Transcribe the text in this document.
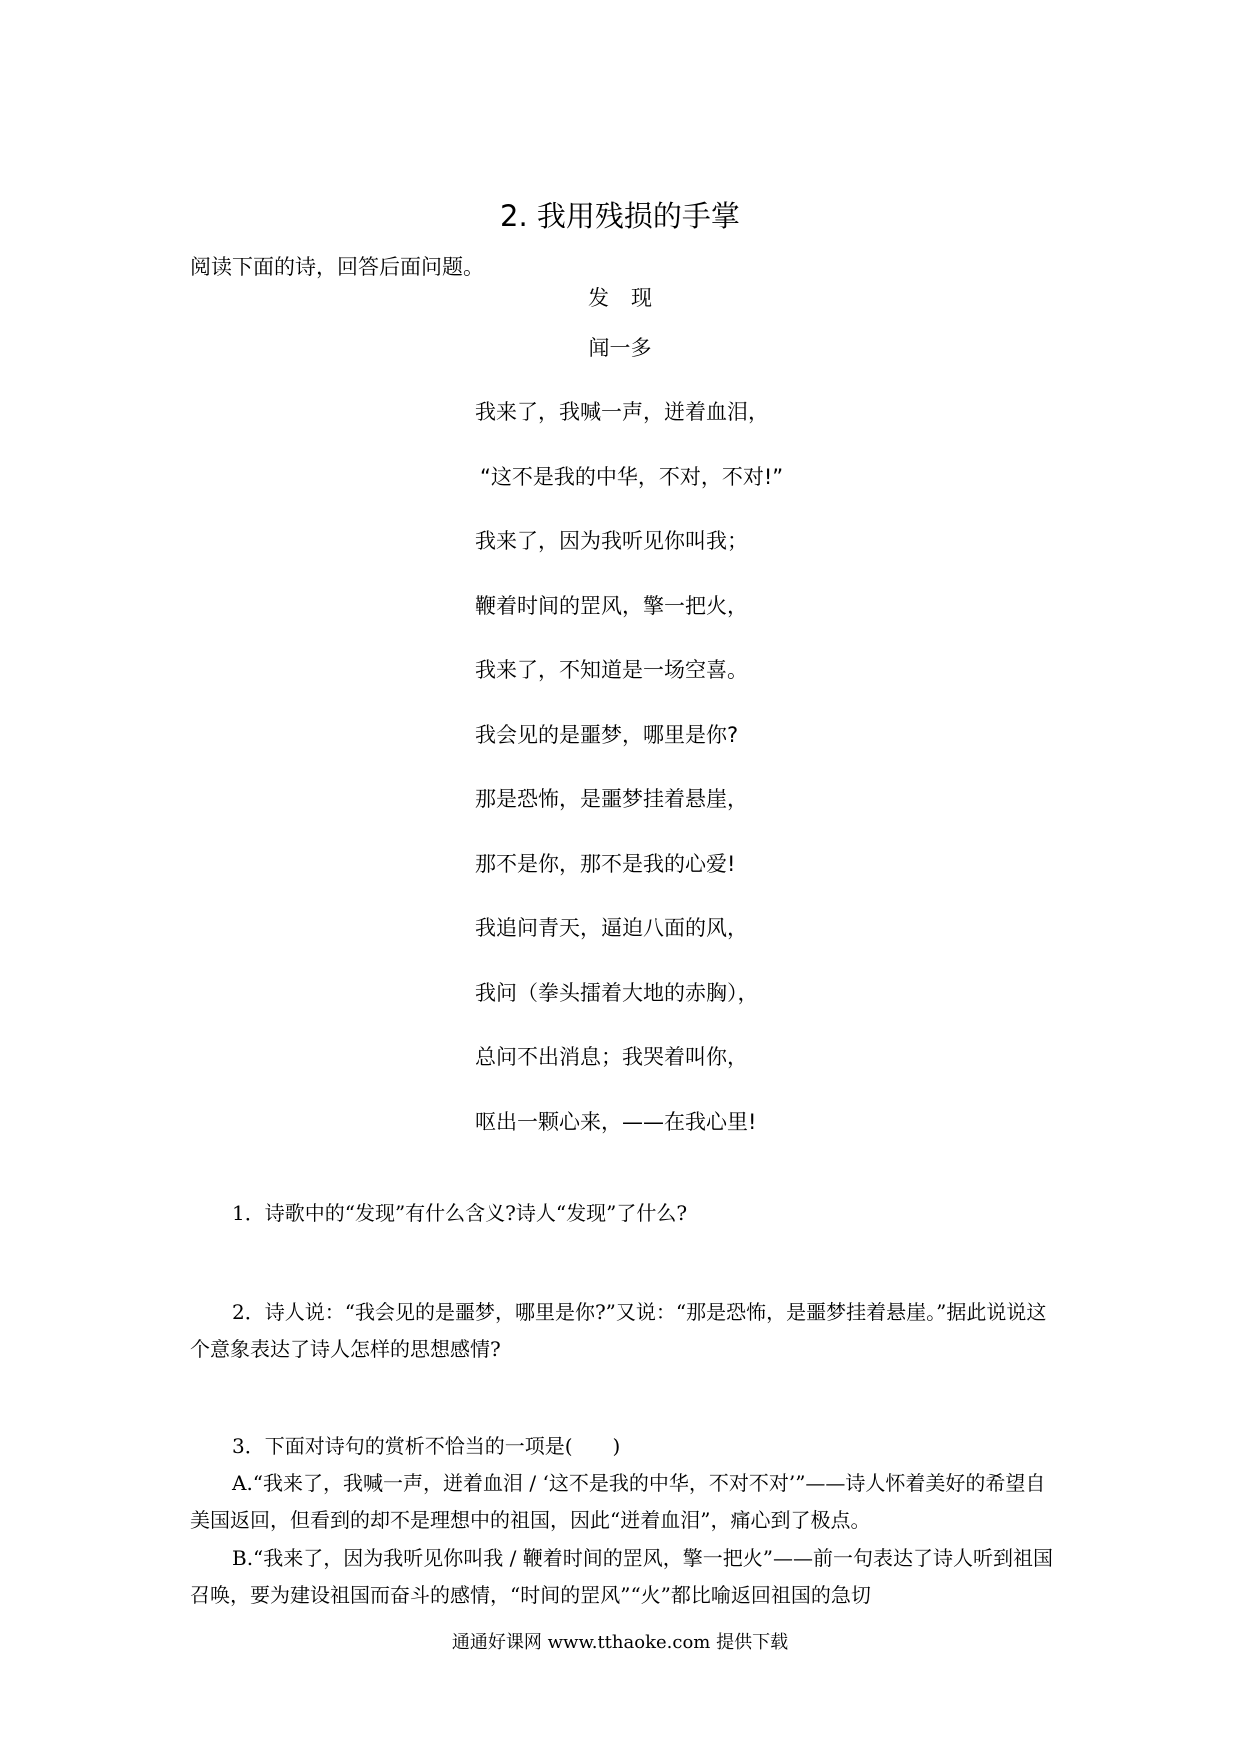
2. 我用残损的手掌
阅读下面的诗，回答后面问题。
发现
闻一多
我来了，我喊一声，迸着血泪，
“这不是我的中华，不对，不对!”
我来了，因为我听见你叫我；
鞭着时间的罡风，擎一把火，
我来了，不知道是一场空喜。
我会见的是噩梦，哪里是你?
那是恐怖，是噩梦挂着悬崖，
那不是你，那不是我的心爱!
我追问青天，逼迫八面的风，
我问（拳头擂着大地的赤胸），
总问不出消息；我哭着叫你，
呕出一颗心来，——在我心里!
1．诗歌中的“发现”有什么含义?诗人“发现”了什么?
2．诗人说：“我会见的是噩梦，哪里是你?”又说：“那是恐怖，是噩梦挂着悬崖。”据此说说这个意象表达了诗人怎样的思想感情?
3．下面对诗句的赏析不恰当的一项是(　　)
A.“我来了，我喊一声，迸着血泪 / ‘这不是我的中华，不对不对’”——诗人怀着美好的希望自美国返回，但看到的却不是理想中的祖国，因此“迸着血泪”，痛心到了极点。
B.“我来了，因为我听见你叫我 / 鞭着时间的罡风，擎一把火”——前一句表达了诗人听到祖国召唤，要为建设祖国而奋斗的感情，“时间的罡风”“火”都比喻返回祖国的急切
通通好课网 www.tthaoke.com 提供下载
